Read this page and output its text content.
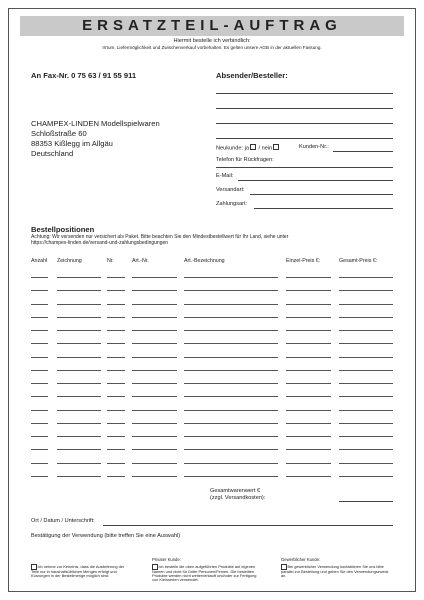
ERSATZTEIL-AUFTRAG
Hiermit bestelle ich verbindlich:
Irrtum, Liefermöglichkeit und Zwischenverkauf vorbehalten. Es gelten unsere AGB in der aktuellen Fassung.
An Fax-Nr. 0 75 63 / 91 55 911
CHAMPEX-LINDEN Modellspielwaren
Schloßstraße 60
88353 Kißlegg im Allgäu
Deutschland
Absender/Besteller:
Neukunde: ja / nein	Kunden-Nr.:
Telefon für Rückfragen:
E-Mail:
Versandart:
Zahlungsart:
Bestellpositionen
Achtung: Wir versenden nur versichert als Paket. Bitte beachten Sie den Mindestbestellwert für Ihr Land, siehe unter
https://champex-linden.de/versand-und-zahlungsbedingungen
Anzahl Zeichnung	Nr.	Art.-Nr.	Art.-Bezeichnung	Einzel-Preis €:	Gesamt-Preis €:
Gesamtwarenwert €
(zzgl. Versandkosten):
Ort / Datum / Unterschrift:
Bestätigung der Verwendung (bitte treffen Sie eine Auswahl)
Privater Kunde:	Gewerblicher Kunde:
Ich nehme zur Kenntnis, dass die Auslieferung der Teile nur in haushaltsüblichen Mengen erfolgt und Kürzungen in der Bestellmenge möglich sind.
Ich bestelle die oben aufgeführten Produkte auf eigenen Namen und nicht für Dritte Personen/Firmen. Die bestellten Produkte werden nicht weiterverkauft und/oder zur Fertigung von Kleinserien verwendet.
Bei gewerblicher Verwendung kontaktieren Sie uns bitte parallel zur Bestellung und geben Sie den Verwendungszweck an.
